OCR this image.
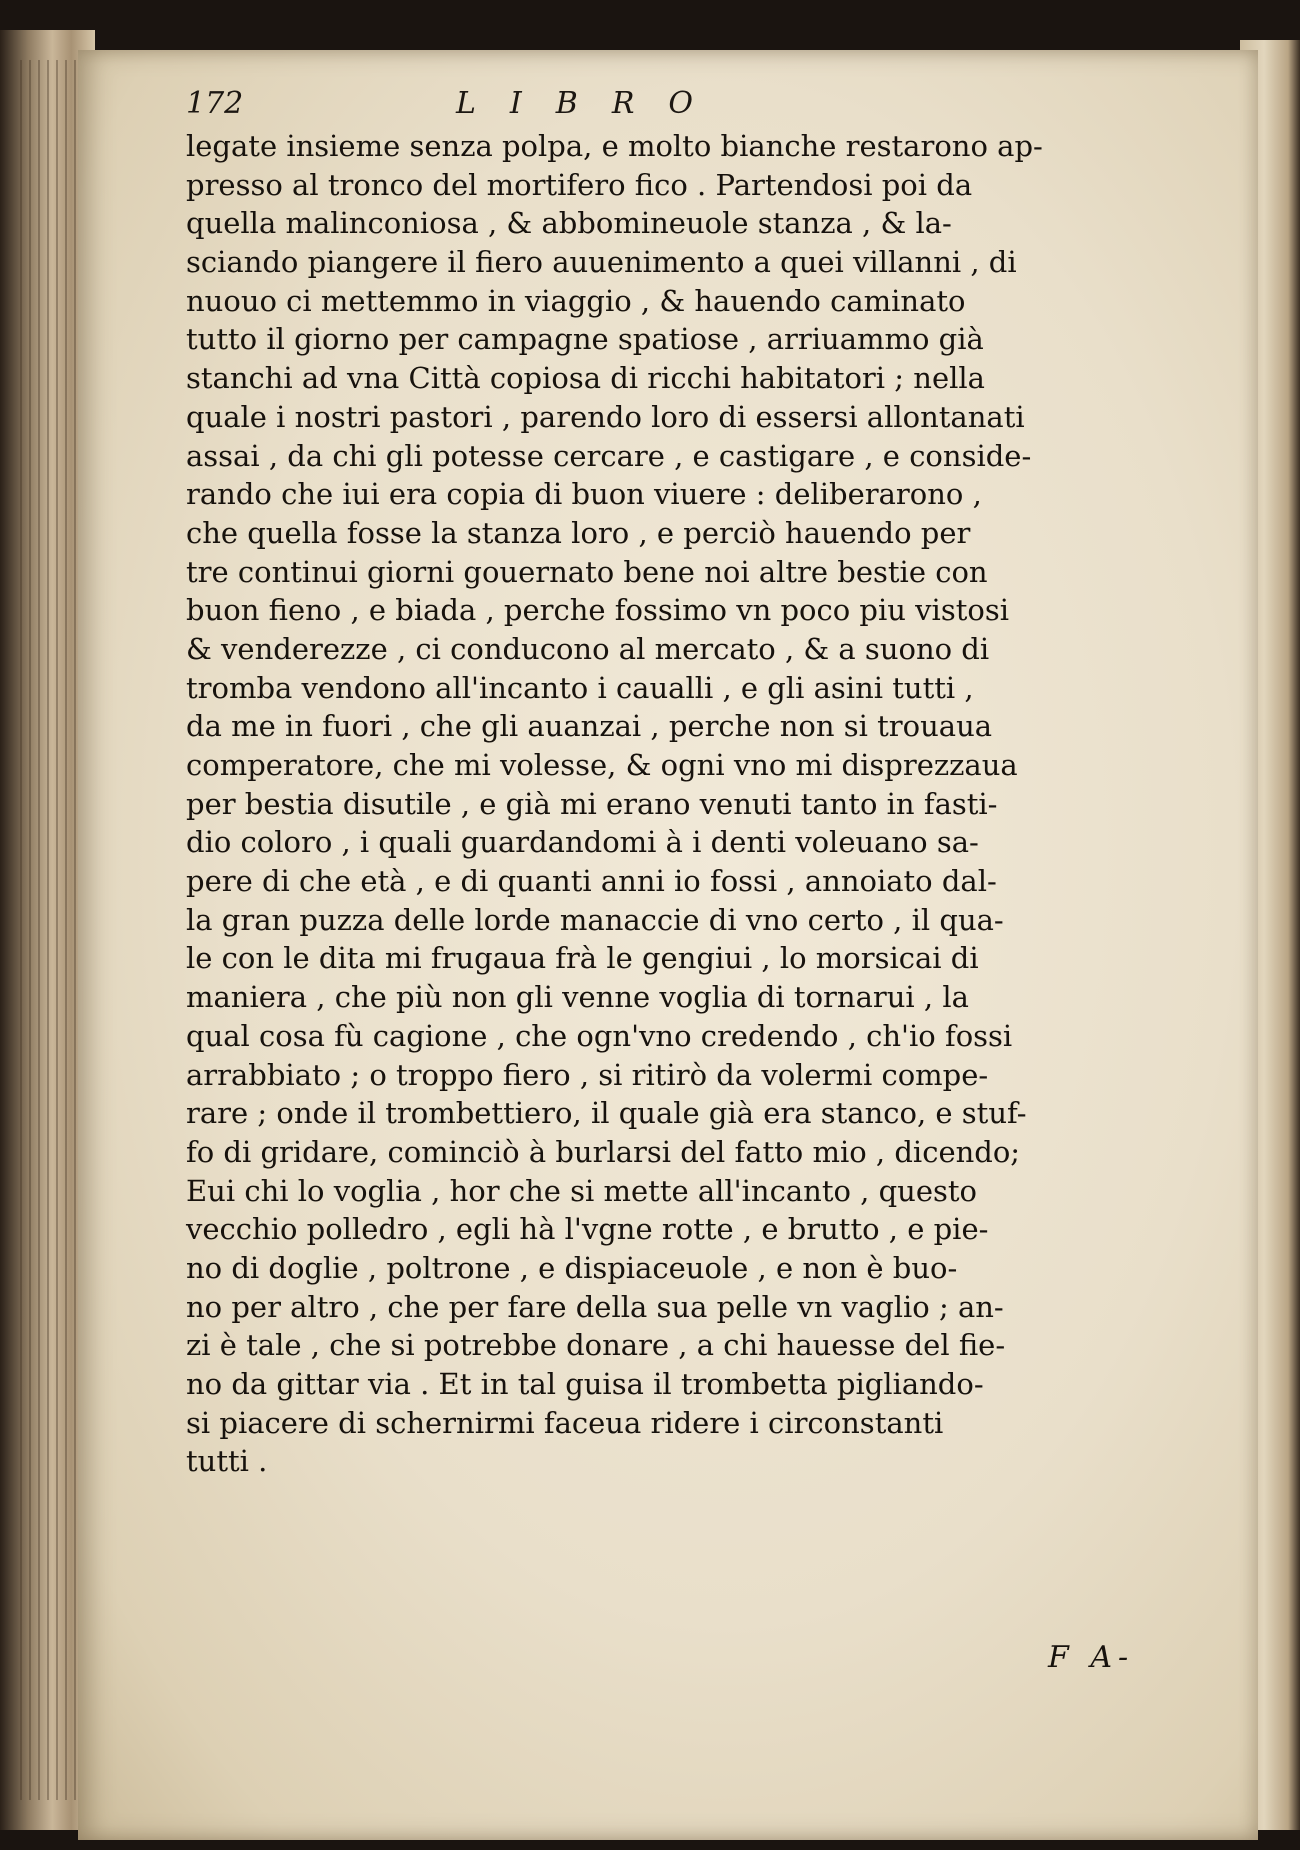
172	LIBRO

legate insieme senza polpa, e molto bianche restarono ap-
presso al tronco del mortifero fico . Partendosi poi da
quella malinconiosa , & abbomineuole stanza , & la-
sciando piangere il fiero auuenimento a quei villanni , di
nuouo ci mettemmo in viaggio , & hauendo caminato
tutto il giorno per campagne spatiose , arriuammo già
stanchi ad vna Città copiosa di ricchi habitatori ; nella
quale i nostri pastori , parendo loro di essersi allontanati
assai , da chi gli potesse cercare , e castigare , e conside-
rando che iui era copia di buon viuere : deliberarono ,
che quella fosse la stanza loro , e perciò hauendo per
tre continui giorni gouernato bene noi altre bestie con
buon fieno , e biada , perche fossimo vn poco piu vistosi
& venderezze , ci conducono al mercato , & a suono di
tromba vendono all'incanto i caualli , e gli asini tutti ,
da me in fuori , che gli auanzai , perche non si trouaua
comperatore, che mi volesse, & ogni vno mi disprezzaua
per bestia disutile , e già mi erano venuti tanto in fasti-
dio coloro , i quali guardandomi à i denti voleuano sa-
pere di che età , e di quanti anni io fossi , annoiato dal-
la gran puzza delle lorde manaccie di vno certo , il qua-
le con le dita mi frugaua frà le gengiui , lo morsicai di
maniera , che più non gli venne voglia di tornarui , la
qual cosa fù cagione , che ogn'vno credendo , ch'io fossi
arrabbiato ; o troppo fiero , si ritirò da volermi compe-
rare ; onde il trombettiero, il quale già era stanco, e stuf-
fo di gridare, cominciò à burlarsi del fatto mio , dicendo;
Eui chi lo voglia , hor che si mette all'incanto , questo
vecchio polledro , egli hà l'vgne rotte , e brutto , e pie-
no di doglie , poltrone , e dispiaceuole , e non è buo-
no per altro , che per fare della sua pelle vn vaglio ; an-
zi è tale , che si potrebbe donare , a chi hauesse del fie-
no da gittar via . Et in tal guisa il trombetta pigliando-
si piacere di schernirmi faceua ridere i circonstanti
tutti .
F A-
